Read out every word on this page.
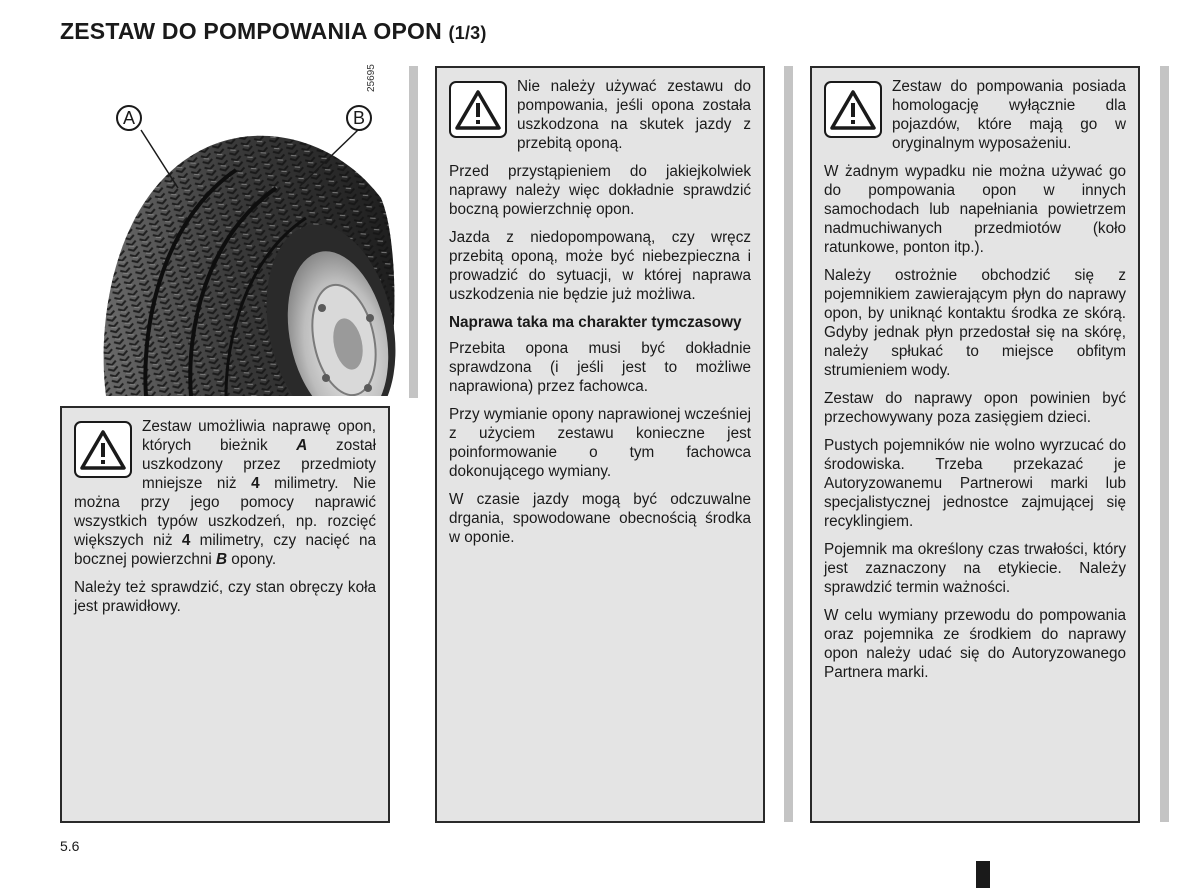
ZESTAW DO POMPOWANIA OPON (1/3)
A	B
25695

Zestaw umożliwia naprawę opon, których bieżnik A został uszkodzony przez przedmioty mniejsze niż 4 milimetry. Nie można przy jego pomocy naprawić wszystkich typów uszkodzeń, np. rozcięć większych niż 4 milimetry, czy nacięć na bocznej powierzchni B opony.

Należy też sprawdzić, czy stan obręczy koła jest prawidłowy.

Nie należy używać zestawu do pompowania, jeśli opona została uszkodzona na skutek jazdy z przebitą oponą.

Przed przystąpieniem do jakiejkolwiek naprawy należy więc dokładnie sprawdzić boczną powierzchnię opon.

Jazda z niedopompowaną, czy wręcz przebitą oponą, może być niebezpieczna i prowadzić do sytuacji, w której naprawa uszkodzenia nie będzie już możliwa.

Naprawa taka ma charakter tymczasowy

Przebita opona musi być dokładnie sprawdzona (i jeśli jest to możliwe naprawiona) przez fachowca.

Przy wymianie opony naprawionej wcześniej z użyciem zestawu konieczne jest poinformowanie o tym fachowca dokonującego wymiany.

W czasie jazdy mogą być odczuwalne drgania, spowodowane obecnością środka w oponie.

Zestaw do pompowania posiada homologację wyłącznie dla pojazdów, które mają go w oryginalnym wyposażeniu.

W żadnym wypadku nie można używać go do pompowania opon w innych samochodach lub napełniania powietrzem nadmuchiwanych przedmiotów (koło ratunkowe, ponton itp.).

Należy ostrożnie obchodzić się z pojemnikiem zawierającym płyn do naprawy opon, by uniknąć kontaktu środka ze skórą. Gdyby jednak płyn przedostał się na skórę, należy spłukać to miejsce obfitym strumieniem wody.

Zestaw do naprawy opon powinien być przechowywany poza zasięgiem dzieci.

Pustych pojemników nie wolno wyrzucać do środowiska. Trzeba przekazać je Autoryzowanemu Partnerowi marki lub specjalistycznej jednostce zajmującej się recyklingiem.

Pojemnik ma określony czas trwałości, który jest zaznaczony na etykiecie. Należy sprawdzić termin ważności.

W celu wymiany przewodu do pompowania oraz pojemnika ze środkiem do naprawy opon należy udać się do Autoryzowanego Partnera marki.

5.6
